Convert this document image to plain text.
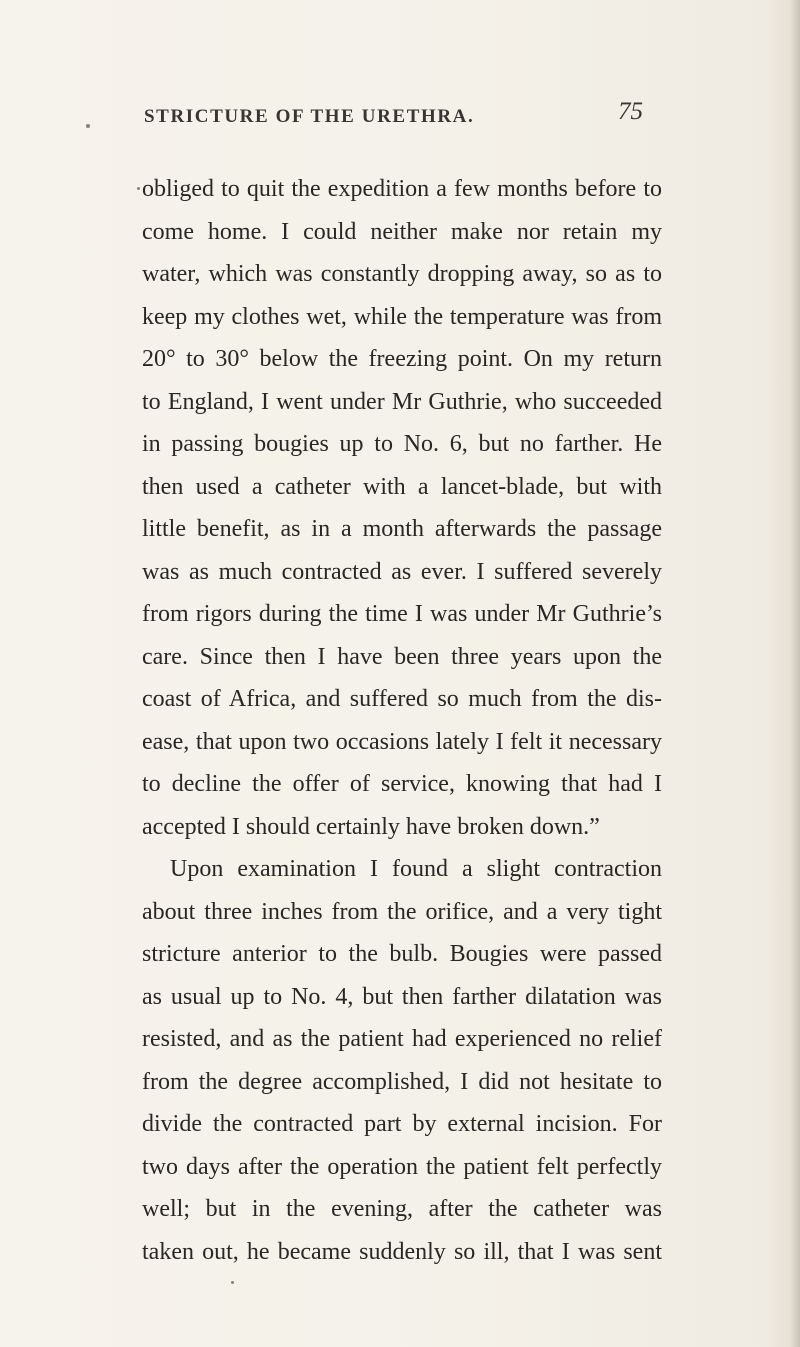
STRICTURE OF THE URETHRA.	75
obliged to quit the expedition a few months before to
come home. I could neither make nor retain my
water, which was constantly dropping away, so as to
keep my clothes wet, while the temperature was from
20° to 30° below the freezing point. On my return
to England, I went under Mr Guthrie, who succeeded
in passing bougies up to No. 6, but no farther. He
then used a catheter with a lancet-blade, but with
little benefit, as in a month afterwards the passage
was as much contracted as ever. I suffered severely
from rigors during the time I was under Mr Guthrie’s
care. Since then I have been three years upon the
coast of Africa, and suffered so much from the dis-
ease, that upon two occasions lately I felt it necessary
to decline the offer of service, knowing that had I
accepted I should certainly have broken down.”
Upon examination I found a slight contraction
about three inches from the orifice, and a very tight
stricture anterior to the bulb. Bougies were passed
as usual up to No. 4, but then farther dilatation was
resisted, and as the patient had experienced no relief
from the degree accomplished, I did not hesitate to
divide the contracted part by external incision. For
two days after the operation the patient felt perfectly
well; but in the evening, after the catheter was
taken out, he became suddenly so ill, that I was sent
